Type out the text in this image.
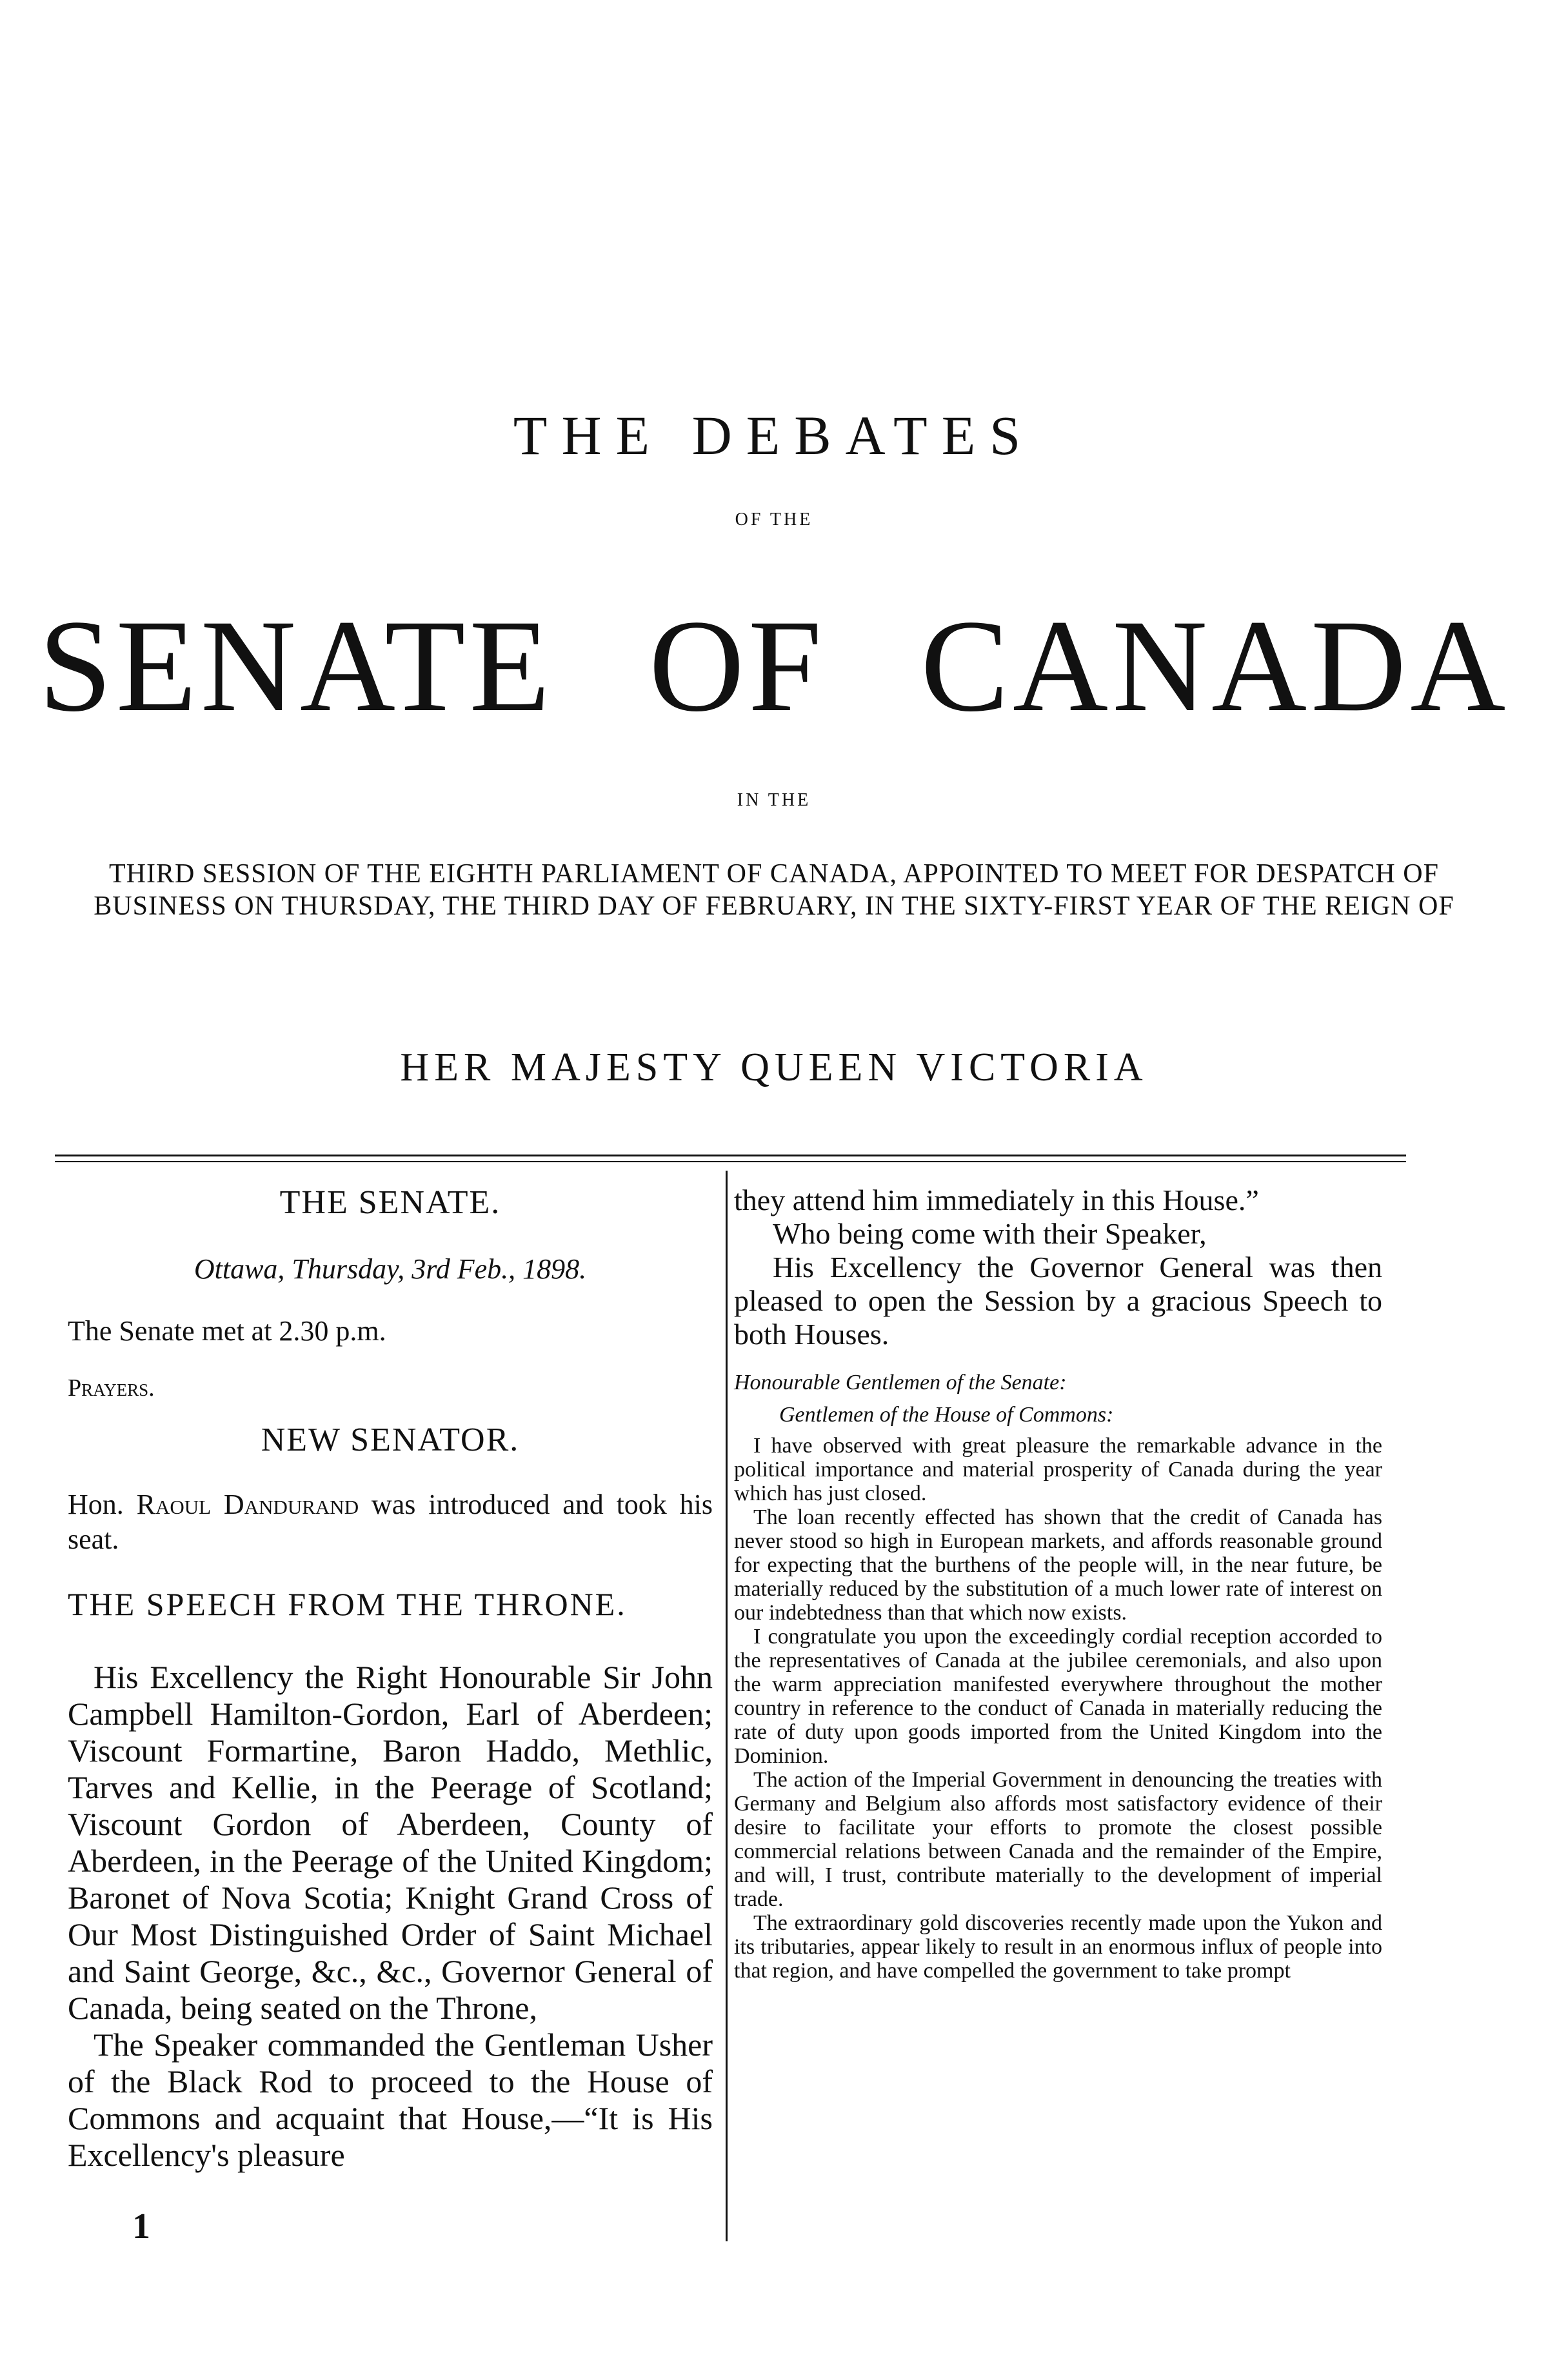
THE DEBATES
OF THE
SENATE OF CANADA
IN THE
THIRD SESSION OF THE EIGHTH PARLIAMENT OF CANADA, APPOINTED TO MEET FOR DESPATCH OF BUSINESS ON THURSDAY, THE THIRD DAY OF FEBRUARY, IN THE SIXTY-FIRST YEAR OF THE REIGN OF
HER MAJESTY QUEEN VICTORIA

THE SENATE.

Ottawa, Thursday, 3rd Feb., 1898.

The Senate met at 2.30 p.m.

Prayers.

NEW SENATOR.

Hon. Raoul Dandurand was introduced and took his seat.

THE SPEECH FROM THE THRONE.

His Excellency the Right Honourable Sir John Campbell Hamilton-Gordon, Earl of Aberdeen; Viscount Formartine, Baron Haddo, Methlic, Tarves and Kellie, in the Peerage of Scotland; Viscount Gordon of Aberdeen, County of Aberdeen, in the Peerage of the United Kingdom; Baronet of Nova Scotia; Knight Grand Cross of Our Most Distinguished Order of Saint Michael and Saint George, &c., &c., Governor General of Canada, being seated on the Throne,

The Speaker commanded the Gentleman Usher of the Black Rod to proceed to the House of Commons and acquaint that House,—“It is His Excellency's pleasure

they attend him immediately in this House.”

Who being come with their Speaker,

His Excellency the Governor General was then pleased to open the Session by a gracious Speech to both Houses.

Honourable Gentlemen of the Senate:

Gentlemen of the House of Commons:

I have observed with great pleasure the remarkable advance in the political importance and material prosperity of Canada during the year which has just closed.

The loan recently effected has shown that the credit of Canada has never stood so high in European markets, and affords reasonable ground for expecting that the burthens of the people will, in the near future, be materially reduced by the substitution of a much lower rate of interest on our indebtedness than that which now exists.

I congratulate you upon the exceedingly cordial reception accorded to the representatives of Canada at the jubilee ceremonials, and also upon the warm appreciation manifested everywhere throughout the mother country in reference to the conduct of Canada in materially reducing the rate of duty upon goods imported from the United Kingdom into the Dominion.

The action of the Imperial Government in denouncing the treaties with Germany and Belgium also affords most satisfactory evidence of their desire to facilitate your efforts to promote the closest possible commercial relations between Canada and the remainder of the Empire, and will, I trust, contribute materially to the development of imperial trade.

The extraordinary gold discoveries recently made upon the Yukon and its tributaries, appear likely to result in an enormous influx of people into that region, and have compelled the government to take prompt

1
